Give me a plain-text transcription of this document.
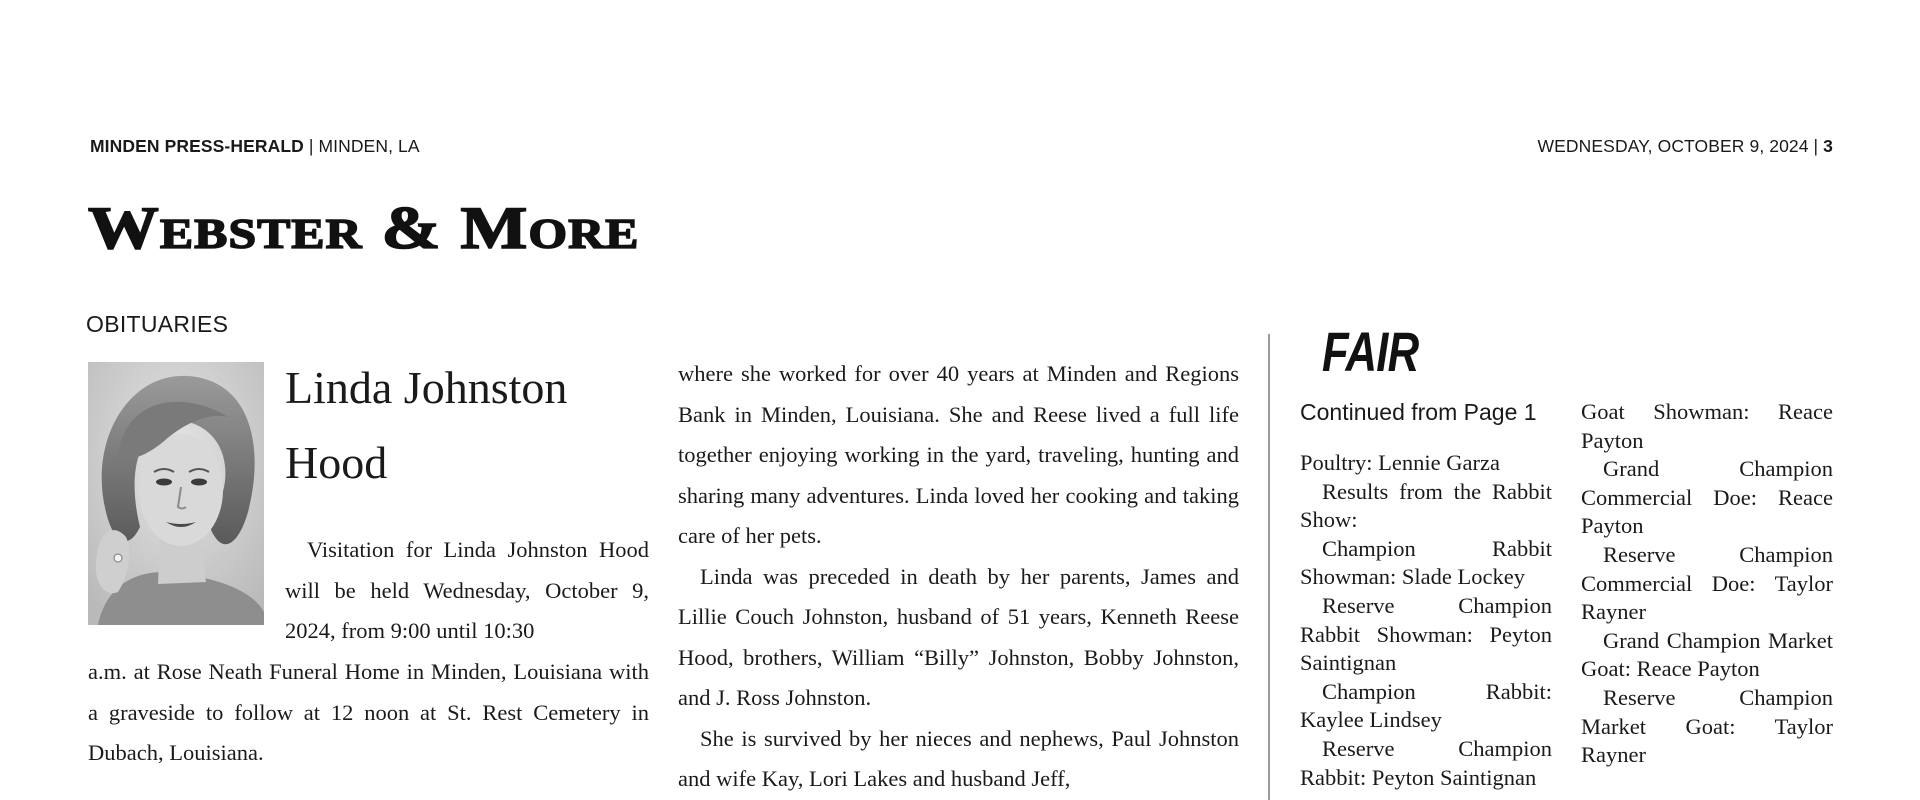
MINDEN PRESS-HERALD | MINDEN, LA	WEDNESDAY, OCTOBER 9, 2024 | 3
Webster & More
OBITUARIES
Linda Johnston Hood

Visitation for Linda Johnston Hood will be held Wednesday, October 9, 2024, from 9:00 until 10:30

a.m. at Rose Neath Funeral Home in Minden, Louisiana with a graveside to follow at 12 noon at St. Rest Cemetery in Dubach, Louisiana.

where she worked for over 40 years at Minden and Regions Bank in Minden, Louisiana. She and Reese lived a full life together enjoying working in the yard, traveling, hunting and sharing many adventures. Linda loved her cooking and taking care of her pets.

Linda was preceded in death by her parents, James and Lillie Couch Johnston, husband of 51 years, Kenneth Reese Hood, brothers, William “Billy” Johnston, Bobby Johnston, and J. Ross Johnston.

She is survived by her nieces and nephews, Paul Johnston and wife Kay, Lori Lakes and husband Jeff,

FAIR
Continued from Page 1

Poultry: Lennie Garza

Results from the Rabbit Show:

Champion Rabbit Showman: Slade Lockey

Reserve Champion Rabbit Showman: Peyton Saintignan

Champion Rabbit: Kaylee Lindsey

Reserve Champion Rabbit: Peyton Saintignan

Goat Showman: Reace Payton

Grand Champion Commercial Doe: Reace Payton

Reserve Champion Commercial Doe: Taylor Rayner

Grand Champion Market Goat: Reace Payton

Reserve Champion Market Goat: Taylor Rayner
